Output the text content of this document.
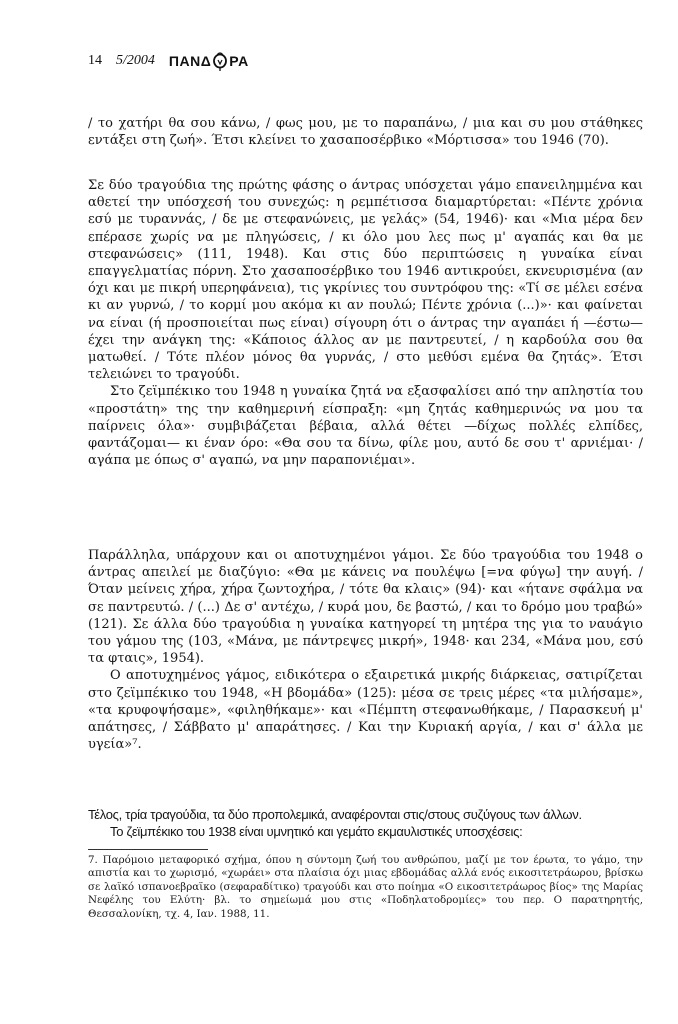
14 5/2004 ΠΑΝΔ ΡΑ

/ το χατήρι θα σου κάνω, / φως μου, με το παραπάνω, / μια και συ μου στάθηκες εντάξει στη ζωή». Έτσι κλείνει το χασαποσέρβικο «Μόρτισσα» του 1946 (70).

Σε δύο τραγούδια της πρώτης φάσης ο άντρας υπόσχεται γάμο επανειλημμένα και αθετεί την υπόσχεσή του συνεχώς: η ρεμπέτισσα διαμαρτύρεται: «Πέντε χρόνια εσύ με τυραννάς, / δε με στεφανώνεις, με γελάς» (54, 1946)· και «Μια μέρα δεν επέρασε χωρίς να με πληγώσεις, / κι όλο μου λες πως μ' αγαπάς και θα με στεφανώσεις» (111, 1948). Και στις δύο περιπτώσεις η γυναίκα είναι επαγγελματίας πόρνη. Στο χασαποσέρβικο του 1946 αντικρούει, εκνευρισμένα (αν όχι και με πικρή υπερηφάνεια), τις γκρίνιες του συντρόφου της: «Τί σε μέλει εσένα κι αν γυρνώ, / το κορμί μου ακόμα κι αν πουλώ; Πέντε χρόνια (...)»· και φαίνεται να είναι (ή προσποιείται πως είναι) σίγουρη ότι ο άντρας την αγαπάει ή —έστω— έχει την ανάγκη της: «Κάποιος άλλος αν με παντρευτεί, / η καρδούλα σου θα ματωθεί. / Τότε πλέον μόνος θα γυρνάς, / στο μεθύσι εμένα θα ζητάς». Έτσι τελειώνει το τραγούδι.

Στο ζεϊμπέκικο του 1948 η γυναίκα ζητά να εξασφαλίσει από την απληστία του «προστάτη» της την καθημερινή είσπραξη: «μη ζητάς καθημερινώς να μου τα παίρνεις όλα»· συμβιβάζεται βέβαια, αλλά θέτει —δίχως πολλές ελπίδες, φαντάζομαι— κι έναν όρο: «Θα σου τα δίνω, φίλε μου, αυτό δε σου τ' αρνιέμαι· / αγάπα με όπως σ' αγαπώ, να μην παραπονιέμαι».

Παράλληλα, υπάρχουν και οι αποτυχημένοι γάμοι. Σε δύο τραγούδια του 1948 ο άντρας απειλεί με διαζύγιο: «Θα με κάνεις να πουλέψω [=να φύγω] την αυγή. / Όταν μείνεις χήρα, χήρα ζωντοχήρα, / τότε θα κλαις» (94)· και «ήτανε σφάλμα να σε παντρευτώ. / (...) Δε σ' αντέχω, / κυρά μου, δε βαστώ, / και το δρόμο μου τραβώ» (121). Σε άλλα δύο τραγούδια η γυναίκα κατηγορεί τη μητέρα της για το ναυάγιο του γάμου της (103, «Μάνα, με πάντρεψες μικρή», 1948· και 234, «Μάνα μου, εσύ τα φταις», 1954).

Ο αποτυχημένος γάμος, ειδικότερα ο εξαιρετικά μικρής διάρκειας, σατιρίζεται στο ζεϊμπέκικο του 1948, «Η βδομάδα» (125): μέσα σε τρεις μέρες «τα μιλήσαμε», «τα κρυφοψήσαμε», «φιληθήκαμε»· και «Πέμπτη στεφανωθήκαμε, / Παρασκευή μ' απάτησες, / Σάββατο μ' απαράτησες. / Και την Κυριακή αργία, / και σ' άλλα με υγεία»⁷.

Τέλος, τρία τραγούδια, τα δύο προπολεμικά, αναφέρονται στις/στους συζύγους των άλλων.

Το ζεϊμπέκικο του 1938 είναι υμνητικό και γεμάτο εκμαυλιστικές υποσχέσεις:

7. Παρόμοιο μεταφορικό σχήμα, όπου η σύντομη ζωή του ανθρώπου, μαζί με τον έρωτα, το γάμο, την απιστία και το χωρισμό, «χωράει» στα πλαίσια όχι μιας εβδομάδας αλλά ενός εικοσιτετράωρου, βρίσκω σε λαϊκό ισπανοεβραϊκο (σεφαραδίτικο) τραγούδι και στο ποίημα «Ο εικοσιτετράωρος βίος» της Μαρίας Νεφέλης του Ελύτη· βλ. το σημείωμά μου στις «Ποδηλατοδρομίες» του περ. Ο παρατηρητής, Θεσσαλονίκη, τχ. 4, Ιαν. 1988, 11.
